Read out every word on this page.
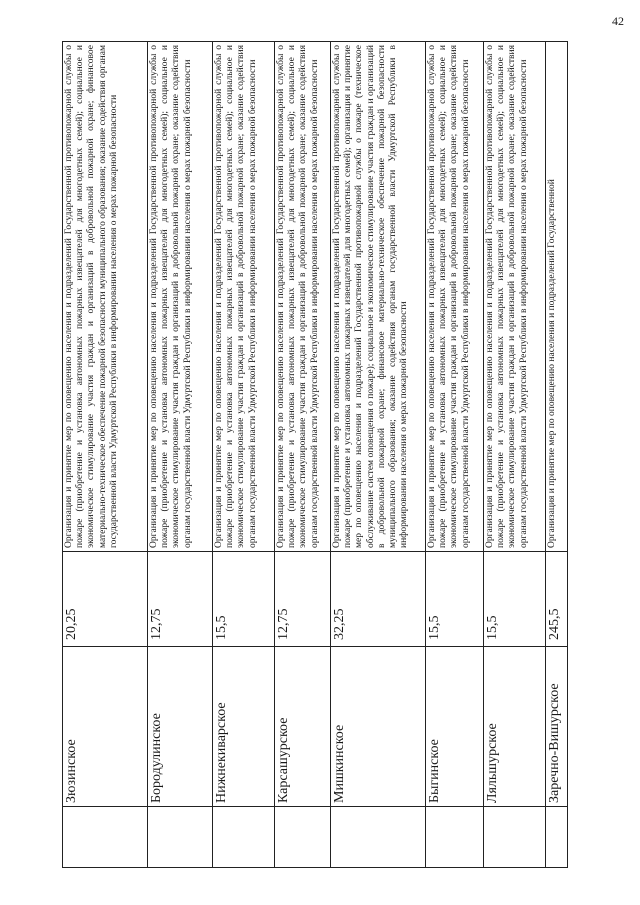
42
	Зюзинское	20,25	Организация и принятие мер по оповещению населения и подразделений Государственной противопожарной службы о пожаре (приобретение и установка автономных пожарных извещателей для многодетных семей); социальное и экономическое стимулирование участия граждан и организаций в добровольной пожарной охране; финансовое материально-техническое обеспечение пожарной безопасности муниципального образования; оказание содействия органам государственной власти Удмуртской Республики в информировании населения о мерах пожарной безопасности
	Бородулинское	12,75	Организация и принятие мер по оповещению населения и подразделений Государственной противопожарной службы о пожаре (приобретение и установка автономных пожарных извещателей для многодетных семей); социальное и экономическое стимулирование участия граждан и организаций в добровольной пожарной охране; оказание содействия органам государственной власти Удмуртской Республики в информировании населения о мерах пожарной безопасности
	Нижнекиварское	15,5	Организация и принятие мер по оповещению населения и подразделений Государственной противопожарной службы о пожаре (приобретение и установка автономных пожарных извещателей для многодетных семей); социальное и экономическое стимулирование участия граждан и организаций в добровольной пожарной охране; оказание содействия органам государственной власти Удмуртской Республики в информировании населения о мерах пожарной безопасности
	Карсашурское	12,75	Организация и принятие мер по оповещению населения и подразделений Государственной противопожарной службы о пожаре (приобретение и установка автономных пожарных извещателей для многодетных семей); социальное и экономическое стимулирование участия граждан и организаций в добровольной пожарной охране; оказание содействия органам государственной власти Удмуртской Республики в информировании населения о мерах пожарной безопасности
	Мишкинское	32,25	Организация и принятие мер по оповещению населения и подразделений Государственной противопожарной службы о пожаре (приобретение и установка автономных пожарных извещателей для многодетных семей); организация и принятие мер по оповещению населения и подразделений Государственной противопожарной службы о пожаре (техническое обслуживание систем оповещения о пожаре); социальное и экономическое стимулирование участия граждан и организаций в добровольной пожарной охране; финансовое материально-техническое обеспечение пожарной безопасности муниципального образования; оказание содействия органам государственной власти Удмуртской Республики в информировании населения о мерах пожарной безопасности
	Быгинское	15,5	Организация и принятие мер по оповещению населения и подразделений Государственной противопожарной службы о пожаре (приобретение и установка автономных пожарных извещателей для многодетных семей); социальное и экономическое стимулирование участия граждан и организаций в добровольной пожарной охране; оказание содействия органам государственной власти Удмуртской Республики в информировании населения о мерах пожарной безопасности
	Ляльшурское	15,5	Организация и принятие мер по оповещению населения и подразделений Государственной противопожарной службы о пожаре (приобретение и установка автономных пожарных извещателей для многодетных семей); социальное и экономическое стимулирование участия граждан и организаций в добровольной пожарной охране; оказание содействия органам государственной власти Удмуртской Республики в информировании населения о мерах пожарной безопасности
	Заречно-Вишурское	245,5	Организация и принятие мер по оповещению населения и подразделений Государственной
